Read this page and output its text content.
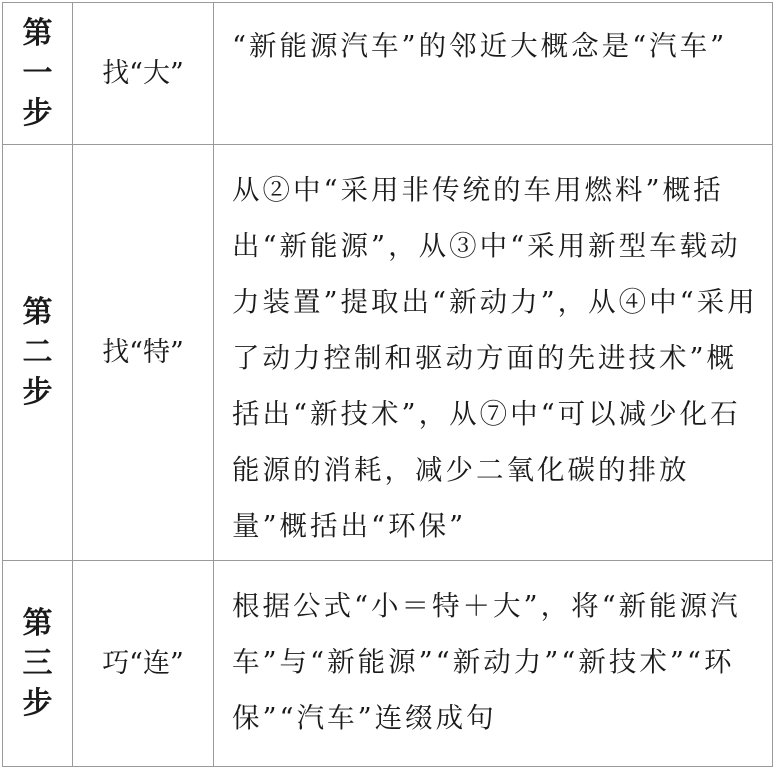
第
一
步
找“大”
“新能源汽车”的邻近大概念是“汽车”
第
二
步
找“特”
从②中“采用非传统的车用燃料”概括出“新能源”，从③中“采用新型车载动力装置”提取出“新动力”，从④中“采用了动力控制和驱动方面的先进技术”概括出“新技术”，从⑦中“可以减少化石能源的消耗，减少二氧化碳的排放量”概括出“环保”
第
三
步
巧“连”
根据公式“小＝特＋大”，将“新能源汽车”与“新能源”“新动力”“新技术”“环保”“汽车”连缀成句
